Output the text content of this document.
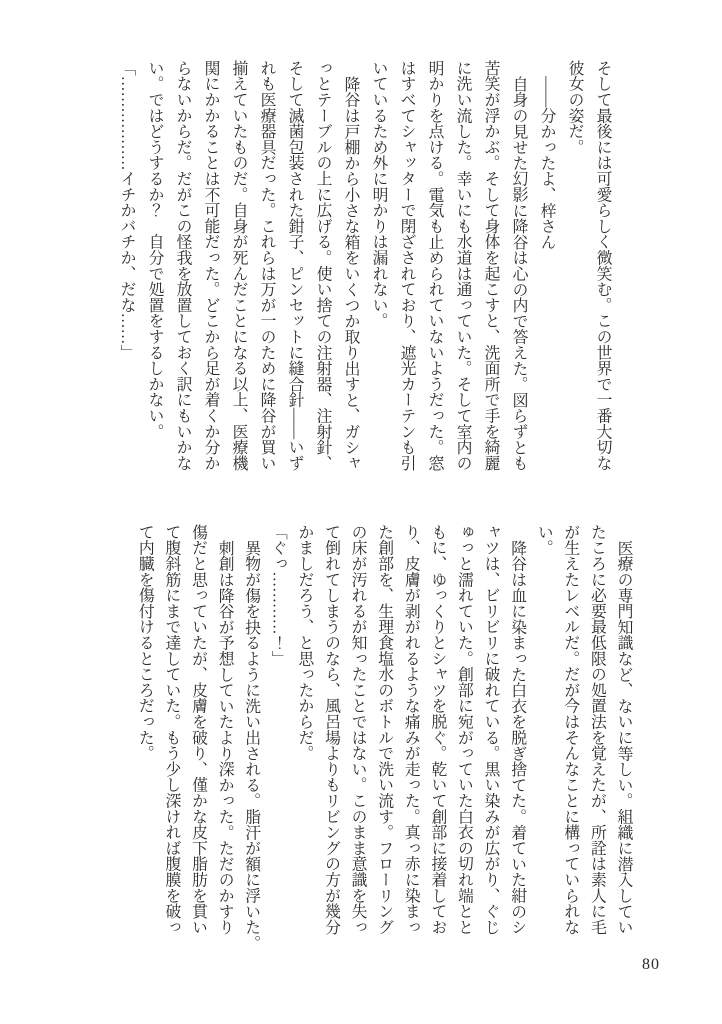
そして最後には可愛らしく微笑む。この世界で一番大切な
彼女の姿だ。
――分かったよ、梓さん
自身の見せた幻影に降谷は心の内で答えた。図らずとも
苦笑が浮かぶ。そして身体を起こすと、洗面所で手を綺麗
に洗い流した。幸いにも水道は通っていた。そして室内の
明かりを点ける。電気も止められていないようだった。窓
はすべてシャッターで閉ざされており、遮光カーテンも引
いているため外に明かりは漏れない。
降谷は戸棚から小さな箱をいくつか取り出すと、ガシャ
っとテーブルの上に広げる。使い捨ての注射器、注射針、
そして滅菌包装された鉗子、ピンセットに縫合針――いず
れも医療器具だった。これらは万が一のために降谷が買い
揃えていたものだ。自身が死んだことになる以上、医療機
関にかかることは不可能だった。どこから足が着くか分か
らないからだ。だがこの怪我を放置しておく訳にもいかな
い。ではどうするか？　自分で処置をするしかない。
「………………イチかバチか、だな……」
医療の専門知識など、ないに等しい。組織に潜入してい
たころに必要最低限の処置法を覚えたが、所詮は素人に毛
が生えたレベルだ。だが今はそんなことに構っていられな
い。
降谷は血に染まった白衣を脱ぎ捨てた。着ていた紺のシ
ャツは、ビリビリに破れている。黒い染みが広がり、ぐじ
ゅっと濡れていた。創部に宛がっていた白衣の切れ端とと
もに、ゆっくりとシャツを脱ぐ。乾いて創部に接着してお
り、皮膚が剥がれるような痛みが走った。真っ赤に染まっ
た創部を、生理食塩水のボトルで洗い流す。フローリング
の床が汚れるが知ったことではない。このまま意識を失っ
て倒れてしまうのなら、風呂場よりもリビングの方が幾分
かましだろう、と思ったからだ。
「ぐっ…………！」
異物が傷を抉るように洗い出される。脂汗が額に浮いた。
刺創は降谷が予想していたより深かった。ただのかすり
傷だと思っていたが、皮膚を破り、僅かな皮下脂肪を貫い
て腹斜筋にまで達していた。もう少し深ければ腹膜を破っ
て内臓を傷付けるところだった。
80
